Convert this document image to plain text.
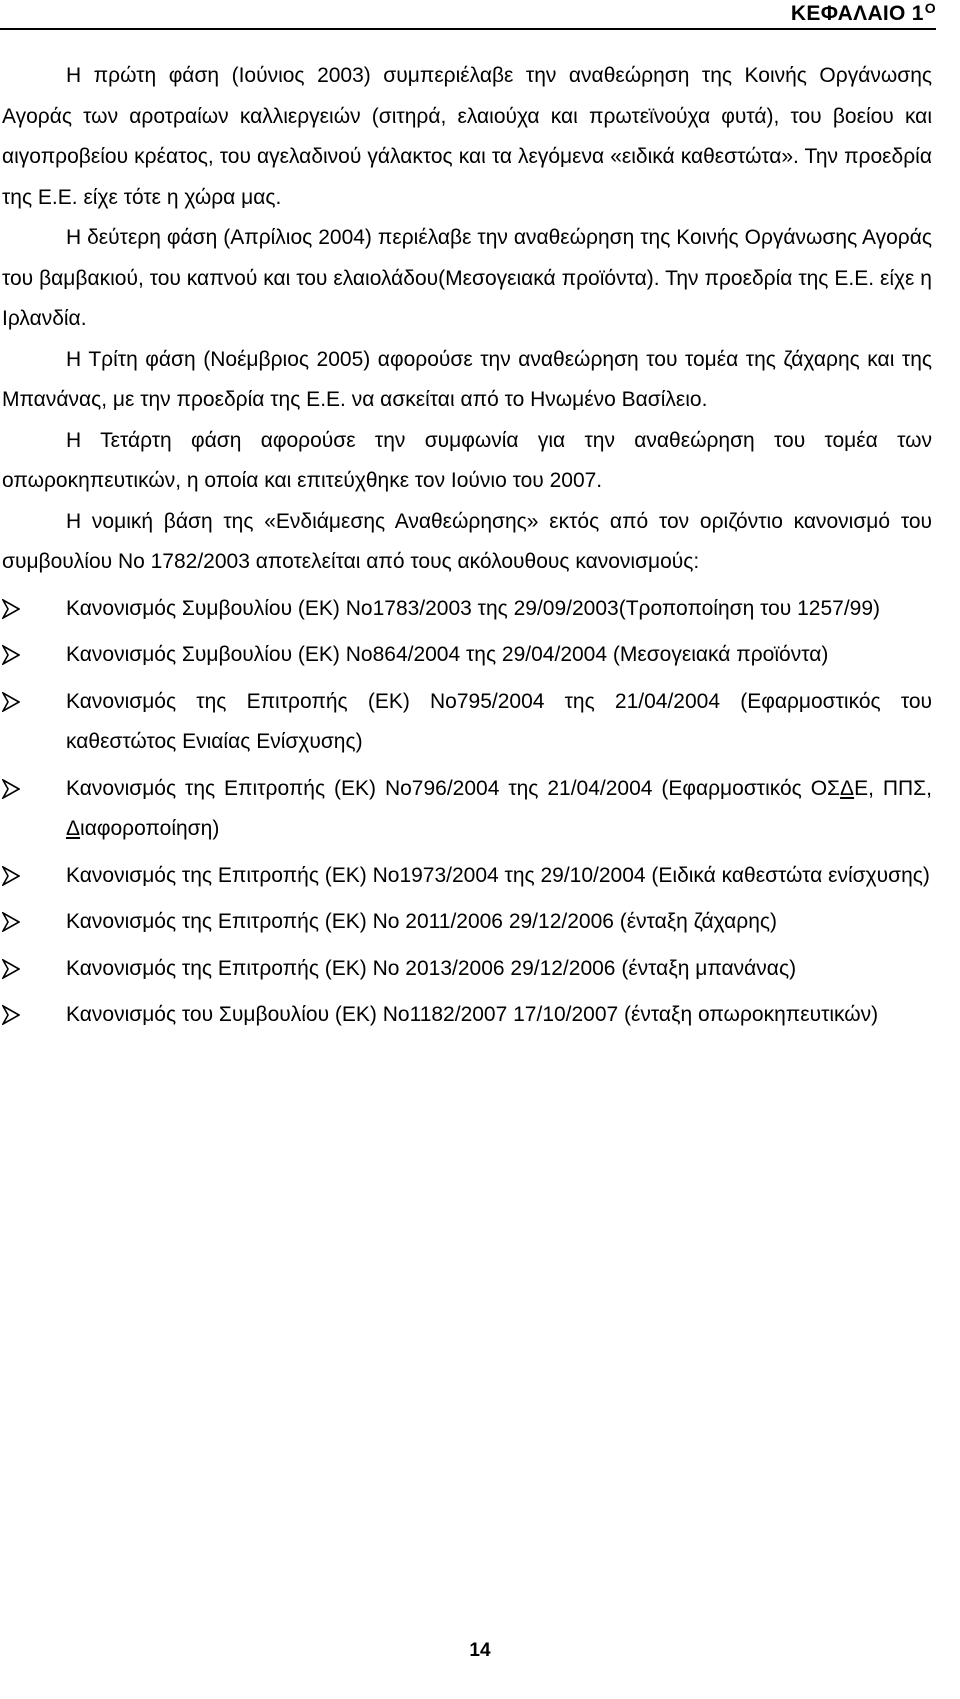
ΚΕΦΑΛΑΙΟ $1^O$

Η πρώτη φάση (Ιούνιος 2003) συμπεριέλαβε την αναθεώρηση της Κοινής Οργάνωσης Αγοράς των αροτραίων καλλιεργειών (σιτηρά, ελαιούχα και πρωτεϊνούχα φυτά), του βοείου και αιγοπροβείου κρέατος, του αγελαδινού γάλακτος και τα λεγόμενα «ειδικά καθεστώτα». Την προεδρία της Ε.Ε. είχε τότε η χώρα μας.

Η δεύτερη φάση (Απρίλιος 2004) περιέλαβε την αναθεώρηση της Κοινής Οργάνωσης Αγοράς του βαμβακιού, του καπνού και του ελαιολάδου(Μεσογειακά προϊόντα). Την προεδρία της Ε.Ε. είχε η Ιρλανδία.

Η Τρίτη φάση (Νοέμβριος 2005) αφορούσε την αναθεώρηση του τομέα της ζάχαρης και της Μπανάνας, με την προεδρία της Ε.Ε. να ασκείται από το Ηνωμένο Βασίλειο.

Η Τετάρτη φάση αφορούσε την συμφωνία για την αναθεώρηση του τομέα των οπωροκηπευτικών, η οποία και επιτεύχθηκε τον Ιούνιο του 2007.

Η νομική βάση της «Ενδιάμεσης Αναθεώρησης» εκτός από τον οριζόντιο κανονισμό του συμβουλίου Νο 1782/2003 αποτελείται από τους ακόλουθους κανονισμούς:

Κανονισμός Συμβουλίου (ΕΚ) Νο1783/2003 της 29/09/2003(Τροποποίηση του 1257/99)
Κανονισμός Συμβουλίου (ΕΚ) Νο864/2004 της 29/04/2004 (Μεσογειακά προϊόντα)
Κανονισμός της Επιτροπής (ΕΚ) Νο795/2004 της 21/04/2004 (Εφαρμοστικός του καθεστώτος Ενιαίας Ενίσχυσης)
Κανονισμός της Επιτροπής (ΕΚ) Νο796/2004 της 21/04/2004 (Εφαρμοστικός ΟΣΔΕ, ΠΠΣ, Διαφοροποίηση)
Κανονισμός της Επιτροπής (ΕΚ) Νο1973/2004 της 29/10/2004 (Ειδικά καθεστώτα ενίσχυσης)
Κανονισμός της Επιτροπής (ΕΚ) Νο 2011/2006 29/12/2006 (ένταξη ζάχαρης)
Κανονισμός της Επιτροπής (ΕΚ) Νο 2013/2006 29/12/2006 (ένταξη μπανάνας)
Κανονισμός του Συμβουλίου (ΕΚ) Νο1182/2007 17/10/2007 (ένταξη οπωροκηπευτικών)
14
